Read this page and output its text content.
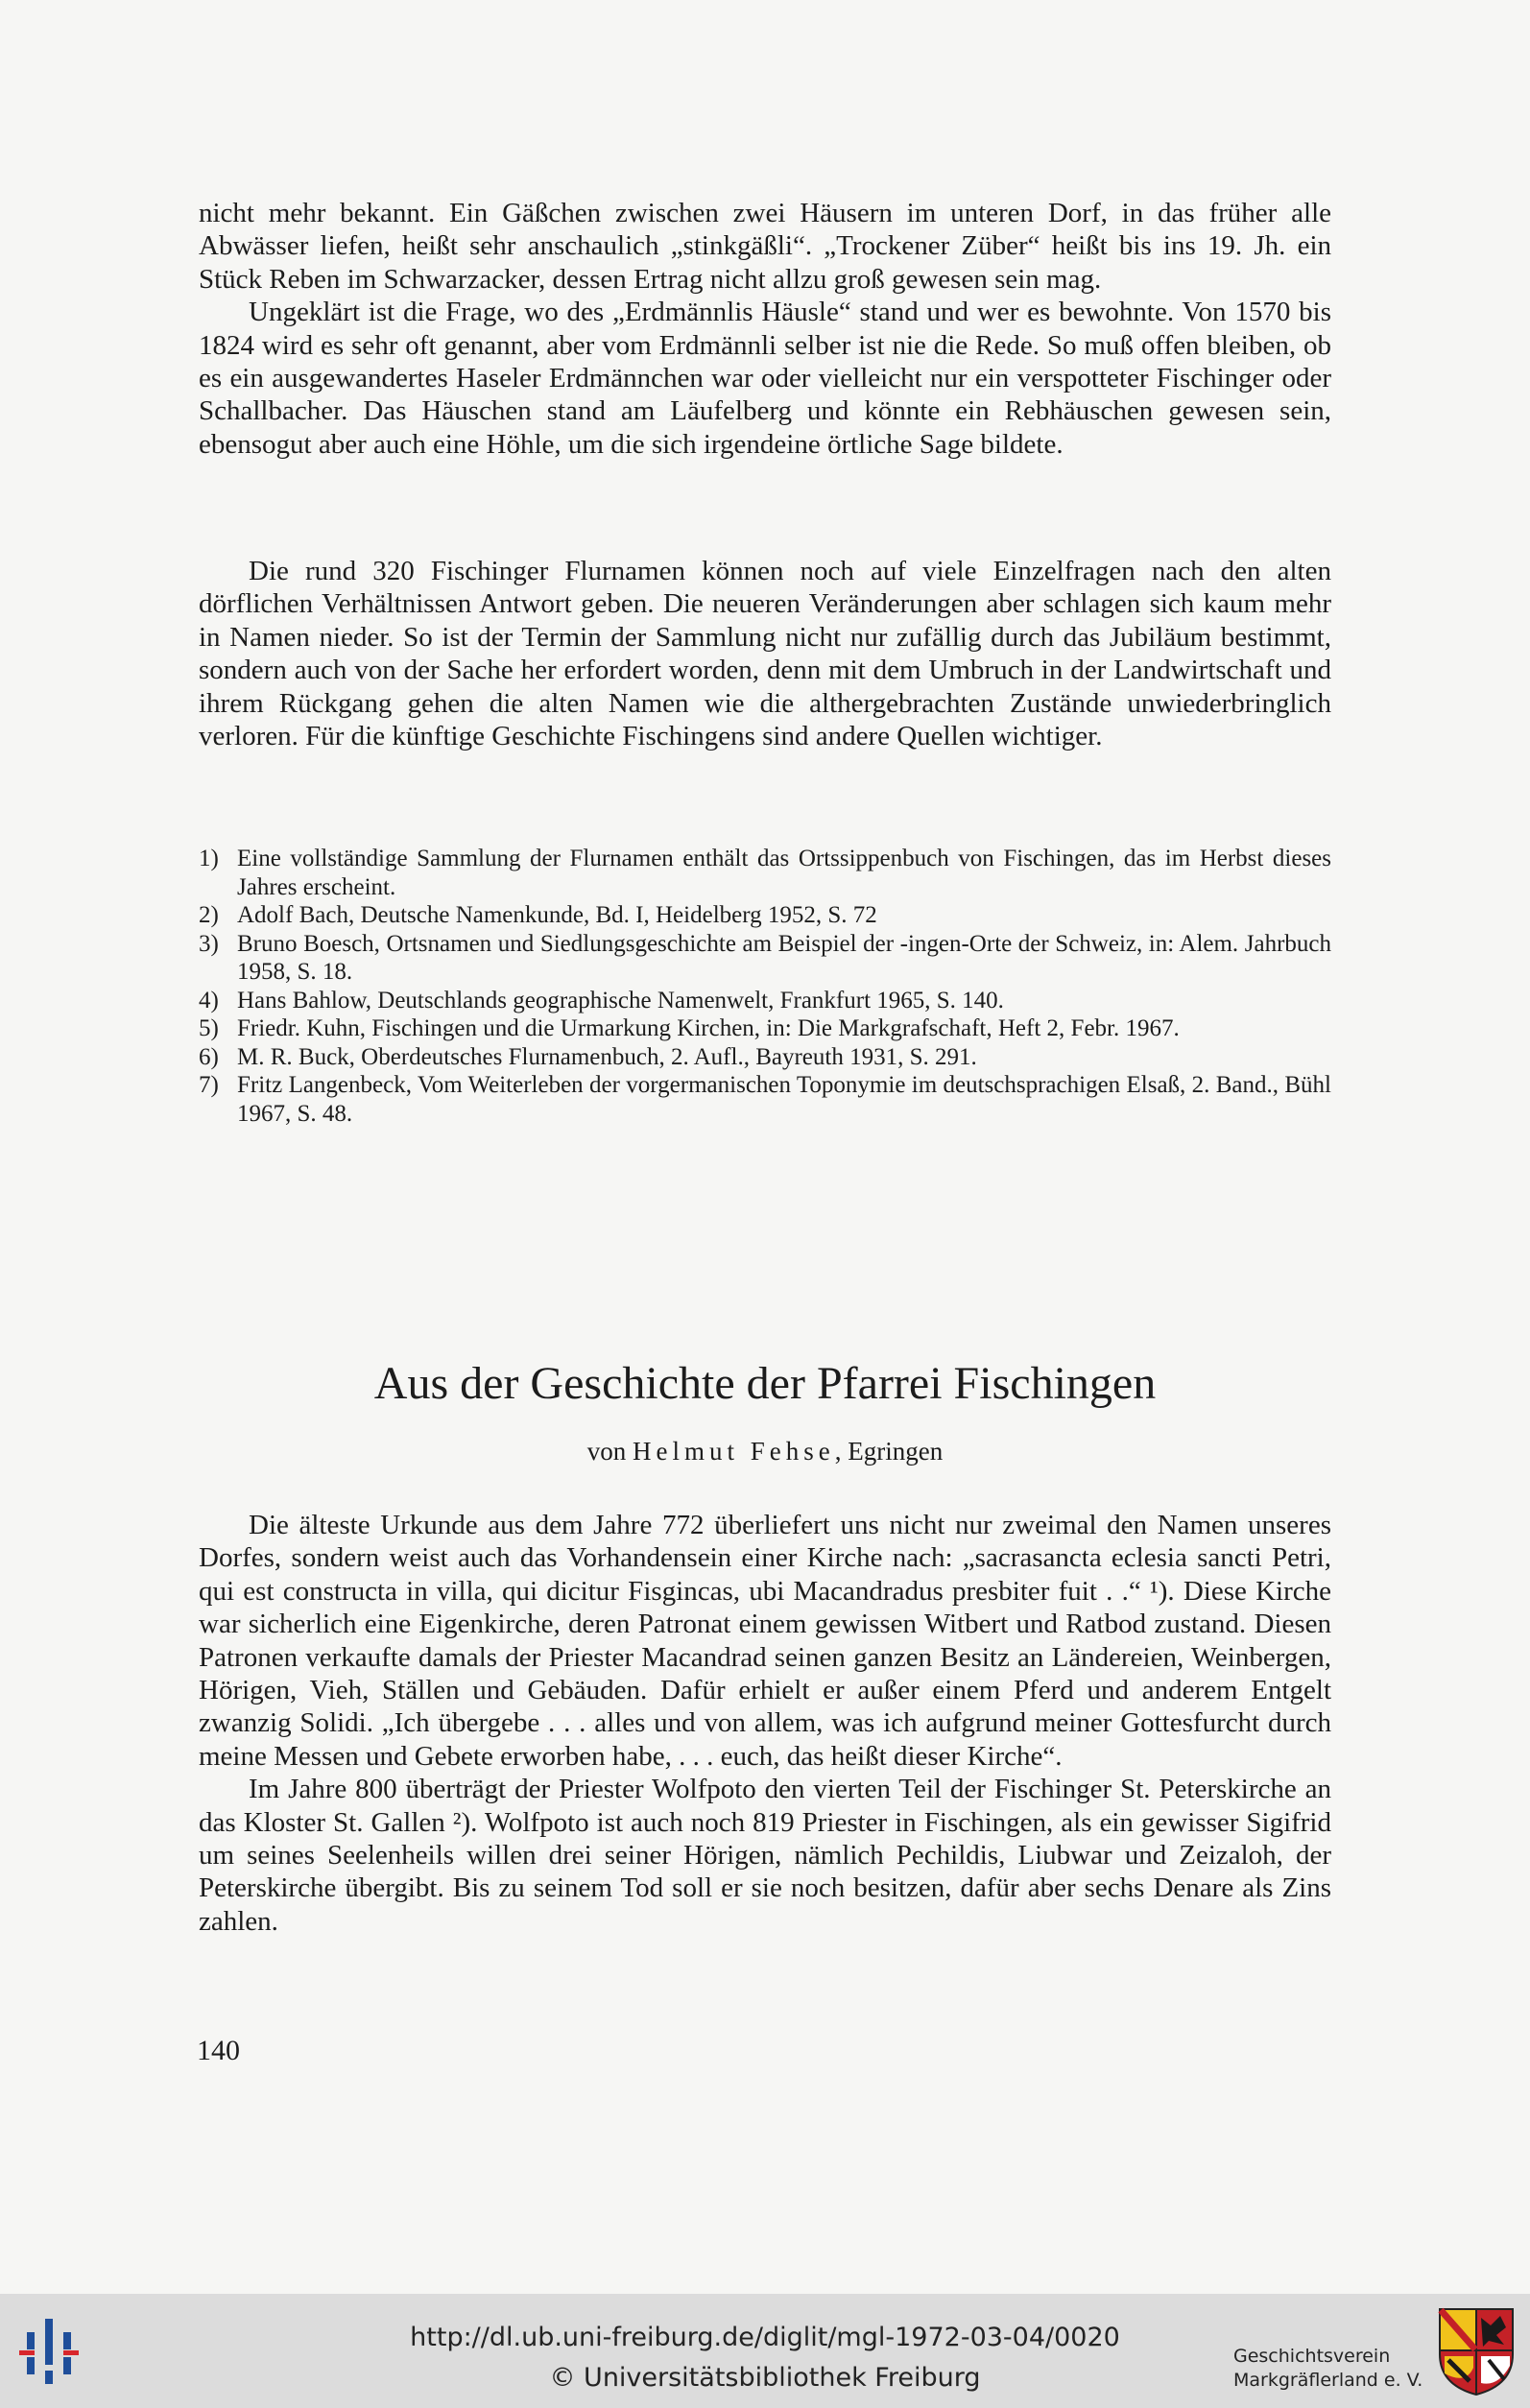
nicht mehr bekannt. Ein Gäßchen zwischen zwei Häusern im unteren Dorf, in das früher alle Abwässer liefen, heißt sehr anschaulich „stinkgäßli“. „Trockener Züber“ heißt bis ins 19. Jh. ein Stück Reben im Schwarzacker, dessen Ertrag nicht allzu groß gewesen sein mag.

Ungeklärt ist die Frage, wo des „Erdmännlis Häusle“ stand und wer es bewohnte. Von 1570 bis 1824 wird es sehr oft genannt, aber vom Erdmännli selber ist nie die Rede. So muß offen bleiben, ob es ein ausgewandertes Haseler Erdmännchen war oder vielleicht nur ein verspotteter Fischinger oder Schallbacher. Das Häuschen stand am Läufelberg und könnte ein Rebhäuschen gewesen sein, ebensogut aber auch eine Höhle, um die sich irgendeine örtliche Sage bildete.

Die rund 320 Fischinger Flurnamen können noch auf viele Einzelfragen nach den alten dörflichen Verhältnissen Antwort geben. Die neueren Veränderungen aber schlagen sich kaum mehr in Namen nieder. So ist der Termin der Sammlung nicht nur zufällig durch das Jubiläum bestimmt, sondern auch von der Sache her erfordert worden, denn mit dem Umbruch in der Landwirtschaft und ihrem Rückgang gehen die alten Namen wie die althergebrachten Zustände unwiederbringlich verloren. Für die künftige Geschichte Fischingens sind andere Quellen wichtiger.

1) Eine vollständige Sammlung der Flurnamen enthält das Ortssippenbuch von Fischingen, das im Herbst dieses Jahres erscheint.

2) Adolf Bach, Deutsche Namenkunde, Bd. I, Heidelberg 1952, S. 72

3) Bruno Boesch, Ortsnamen und Siedlungsgeschichte am Beispiel der -ingen-Orte der Schweiz, in: Alem. Jahrbuch 1958, S. 18.

4) Hans Bahlow, Deutschlands geographische Namenwelt, Frankfurt 1965, S. 140.

5) Friedr. Kuhn, Fischingen und die Urmarkung Kirchen, in: Die Markgrafschaft, Heft 2, Febr. 1967.

6) M. R. Buck, Oberdeutsches Flurnamenbuch, 2. Aufl., Bayreuth 1931, S. 291.

7) Fritz Langenbeck, Vom Weiterleben der vorgermanischen Toponymie im deutschsprachigen Elsaß, 2. Band., Bühl 1967, S. 48.

Aus der Geschichte der Pfarrei Fischingen
von Helmut Fehse, Egringen

Die älteste Urkunde aus dem Jahre 772 überliefert uns nicht nur zweimal den Namen unseres Dorfes, sondern weist auch das Vorhandensein einer Kirche nach: „sacrasancta eclesia sancti Petri, qui est constructa in villa, qui dicitur Fisgincas, ubi Macandradus presbiter fuit . .“ ¹). Diese Kirche war sicherlich eine Eigenkirche, deren Patronat einem gewissen Witbert und Ratbod zustand. Diesen Patronen verkaufte damals der Priester Macandrad seinen ganzen Besitz an Ländereien, Weinbergen, Hörigen, Vieh, Ställen und Gebäuden. Dafür erhielt er außer einem Pferd und anderem Entgelt zwanzig Solidi. „Ich übergebe . . . alles und von allem, was ich aufgrund meiner Gottesfurcht durch meine Messen und Gebete erworben habe, . . . euch, das heißt dieser Kirche“.

Im Jahre 800 überträgt der Priester Wolfpoto den vierten Teil der Fischinger St. Peterskirche an das Kloster St. Gallen ²). Wolfpoto ist auch noch 819 Priester in Fischingen, als ein gewisser Sigifrid um seines Seelenheils willen drei seiner Hörigen, nämlich Pechildis, Liubwar und Zeizaloh, der Peterskirche übergibt. Bis zu seinem Tod soll er sie noch besitzen, dafür aber sechs Denare als Zins zahlen.

140
http://dl.ub.uni-freiburg.de/diglit/mgl-1972-03-04/0020
© Universitätsbibliothek Freiburg
Geschichtsverein
Markgräflerland e. V.
